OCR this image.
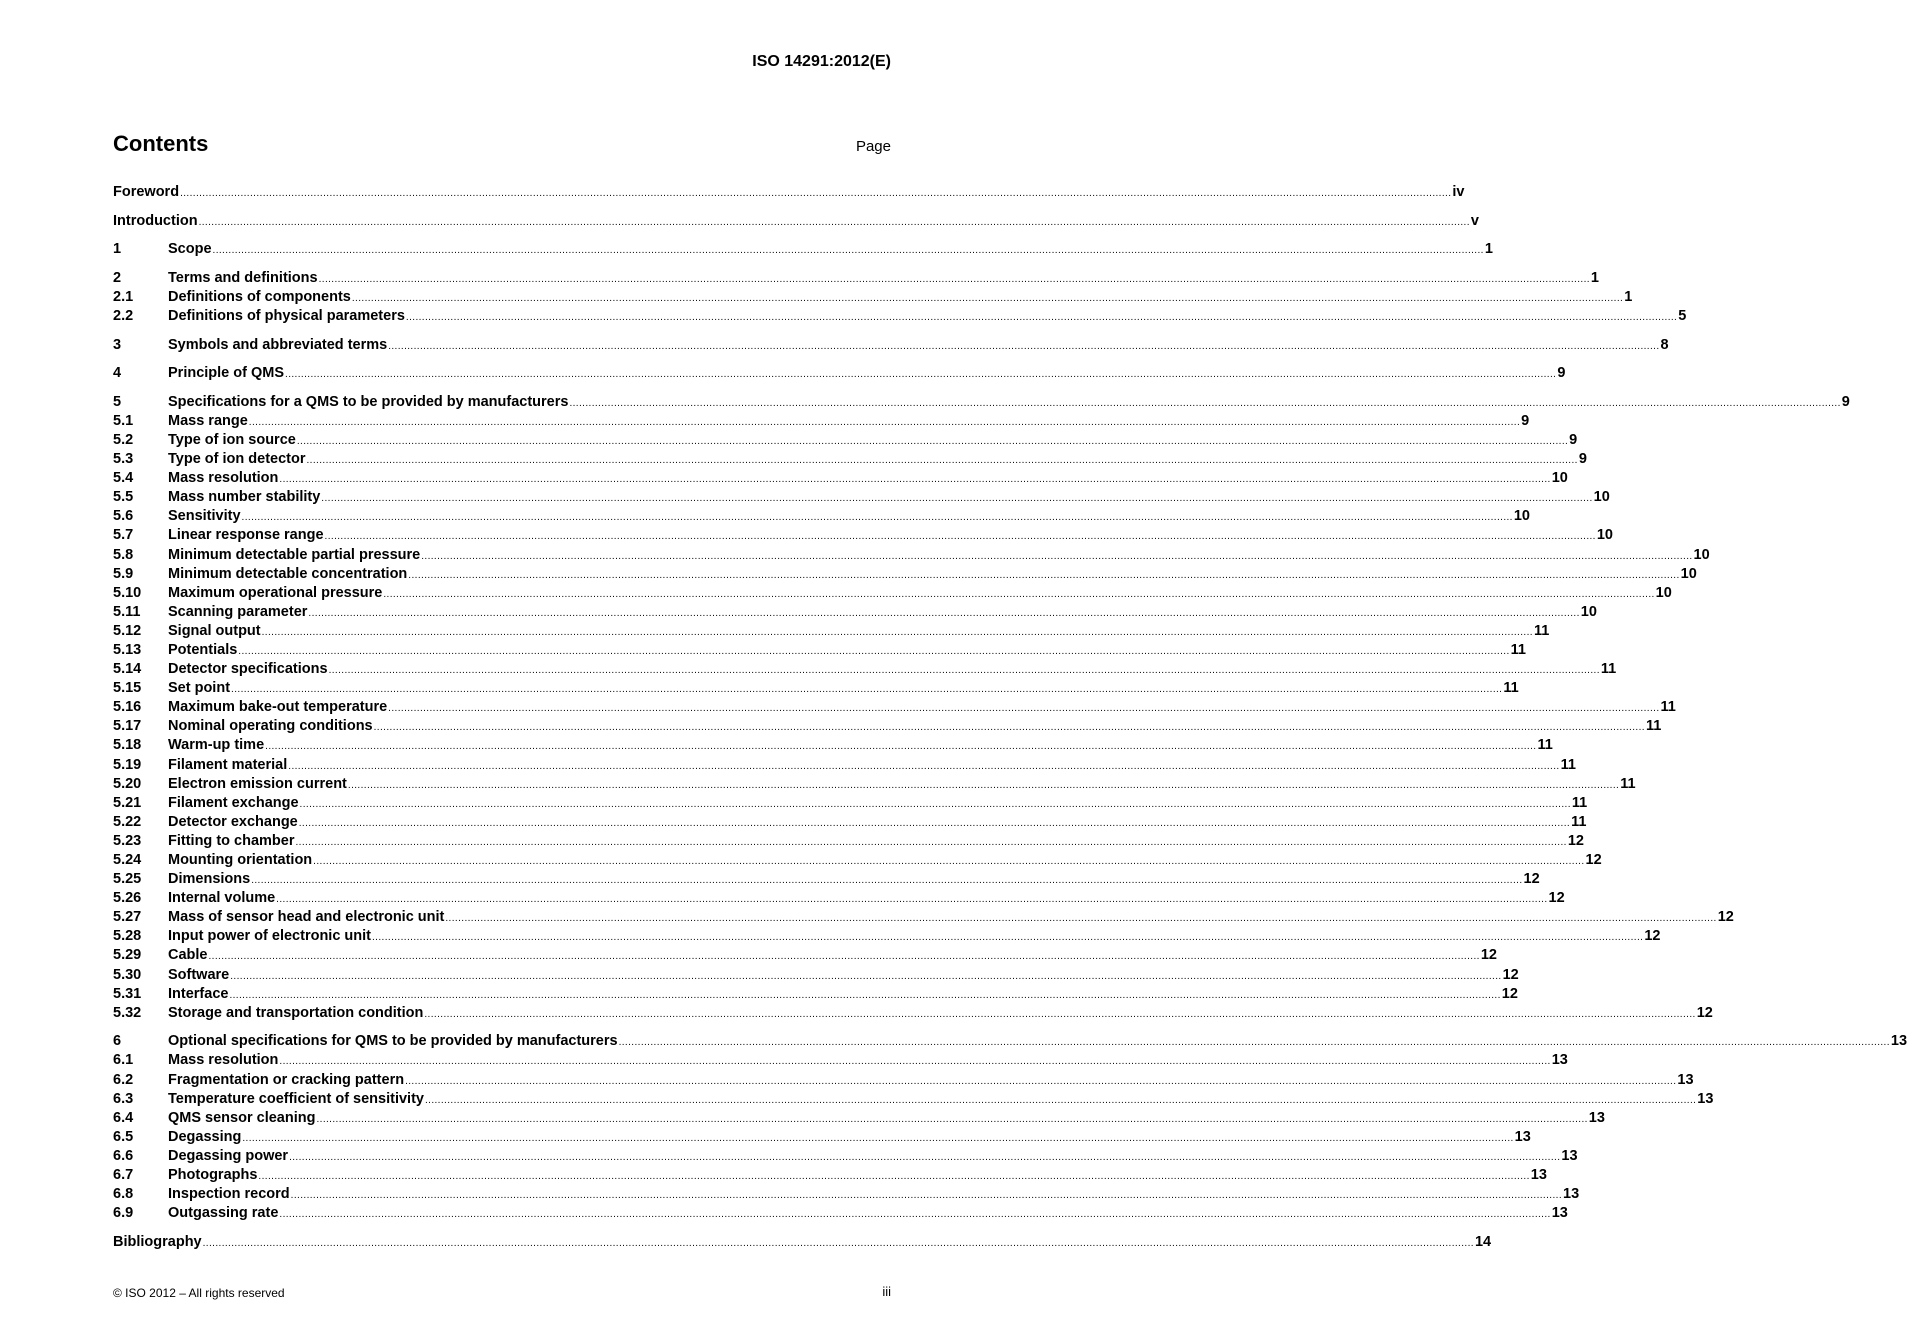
ISO 14291:2012(E)
Contents	Page
Foreword ................................................................................................................................................................................................................................................................................................................................................................................................................ iv
Introduction ................................................................................................................................................................................................................................................................................................................................................................................................................ v
1	Scope ................................................................................................................................................................................................................................................................................................................................................................................................................ 1
2	Terms and definitions ................................................................................................................................................................................................................................................................................................................................................................................................................ 1
2.1	Definitions of components ................................................................................................................................................................................................................................................................................................................................................................................................................ 1
2.2	Definitions of physical parameters ................................................................................................................................................................................................................................................................................................................................................................................................................ 5
3	Symbols and abbreviated terms ................................................................................................................................................................................................................................................................................................................................................................................................................ 8
4	Principle of QMS ................................................................................................................................................................................................................................................................................................................................................................................................................ 9
5	Specifications for a QMS to be provided by manufacturers ................................................................................................................................................................................................................................................................................................................................................................................................................ 9
5.1	Mass range ................................................................................................................................................................................................................................................................................................................................................................................................................ 9
5.2	Type of ion source ................................................................................................................................................................................................................................................................................................................................................................................................................ 9
5.3	Type of ion detector ................................................................................................................................................................................................................................................................................................................................................................................................................ 9
5.4	Mass resolution ................................................................................................................................................................................................................................................................................................................................................................................................................ 10
5.5	Mass number stability ................................................................................................................................................................................................................................................................................................................................................................................................................ 10
5.6	Sensitivity ................................................................................................................................................................................................................................................................................................................................................................................................................ 10
5.7	Linear response range ................................................................................................................................................................................................................................................................................................................................................................................................................ 10
5.8	Minimum detectable partial pressure ................................................................................................................................................................................................................................................................................................................................................................................................................ 10
5.9	Minimum detectable concentration ................................................................................................................................................................................................................................................................................................................................................................................................................ 10
5.10	Maximum operational pressure ................................................................................................................................................................................................................................................................................................................................................................................................................ 10
5.11	Scanning parameter ................................................................................................................................................................................................................................................................................................................................................................................................................ 10
5.12	Signal output ................................................................................................................................................................................................................................................................................................................................................................................................................ 11
5.13	Potentials ................................................................................................................................................................................................................................................................................................................................................................................................................ 11
5.14	Detector specifications ................................................................................................................................................................................................................................................................................................................................................................................................................ 11
5.15	Set point ................................................................................................................................................................................................................................................................................................................................................................................................................ 11
5.16	Maximum bake-out temperature ................................................................................................................................................................................................................................................................................................................................................................................................................ 11
5.17	Nominal operating conditions ................................................................................................................................................................................................................................................................................................................................................................................................................ 11
5.18	Warm-up time ................................................................................................................................................................................................................................................................................................................................................................................................................ 11
5.19	Filament material ................................................................................................................................................................................................................................................................................................................................................................................................................ 11
5.20	Electron emission current ................................................................................................................................................................................................................................................................................................................................................................................................................ 11
5.21	Filament exchange ................................................................................................................................................................................................................................................................................................................................................................................................................ 11
5.22	Detector exchange ................................................................................................................................................................................................................................................................................................................................................................................................................ 11
5.23	Fitting to chamber ................................................................................................................................................................................................................................................................................................................................................................................................................ 12
5.24	Mounting orientation ................................................................................................................................................................................................................................................................................................................................................................................................................ 12
5.25	Dimensions ................................................................................................................................................................................................................................................................................................................................................................................................................ 12
5.26	Internal volume ................................................................................................................................................................................................................................................................................................................................................................................................................ 12
5.27	Mass of sensor head and electronic unit ................................................................................................................................................................................................................................................................................................................................................................................................................ 12
5.28	Input power of electronic unit ................................................................................................................................................................................................................................................................................................................................................................................................................ 12
5.29	Cable ................................................................................................................................................................................................................................................................................................................................................................................................................ 12
5.30	Software ................................................................................................................................................................................................................................................................................................................................................................................................................ 12
5.31	Interface ................................................................................................................................................................................................................................................................................................................................................................................................................ 12
5.32	Storage and transportation condition ................................................................................................................................................................................................................................................................................................................................................................................................................ 12
6	Optional specifications for QMS to be provided by manufacturers ................................................................................................................................................................................................................................................................................................................................................................................................................ 13
6.1	Mass resolution ................................................................................................................................................................................................................................................................................................................................................................................................................ 13
6.2	Fragmentation or cracking pattern ................................................................................................................................................................................................................................................................................................................................................................................................................ 13
6.3	Temperature coefficient of sensitivity ................................................................................................................................................................................................................................................................................................................................................................................................................ 13
6.4	QMS sensor cleaning ................................................................................................................................................................................................................................................................................................................................................................................................................ 13
6.5	Degassing ................................................................................................................................................................................................................................................................................................................................................................................................................ 13
6.6	Degassing power ................................................................................................................................................................................................................................................................................................................................................................................................................ 13
6.7	Photographs ................................................................................................................................................................................................................................................................................................................................................................................................................ 13
6.8	Inspection record ................................................................................................................................................................................................................................................................................................................................................................................................................ 13
6.9	Outgassing rate ................................................................................................................................................................................................................................................................................................................................................................................................................ 13
Bibliography ................................................................................................................................................................................................................................................................................................................................................................................................................ 14
© ISO 2012 – All rights reserved	iii
